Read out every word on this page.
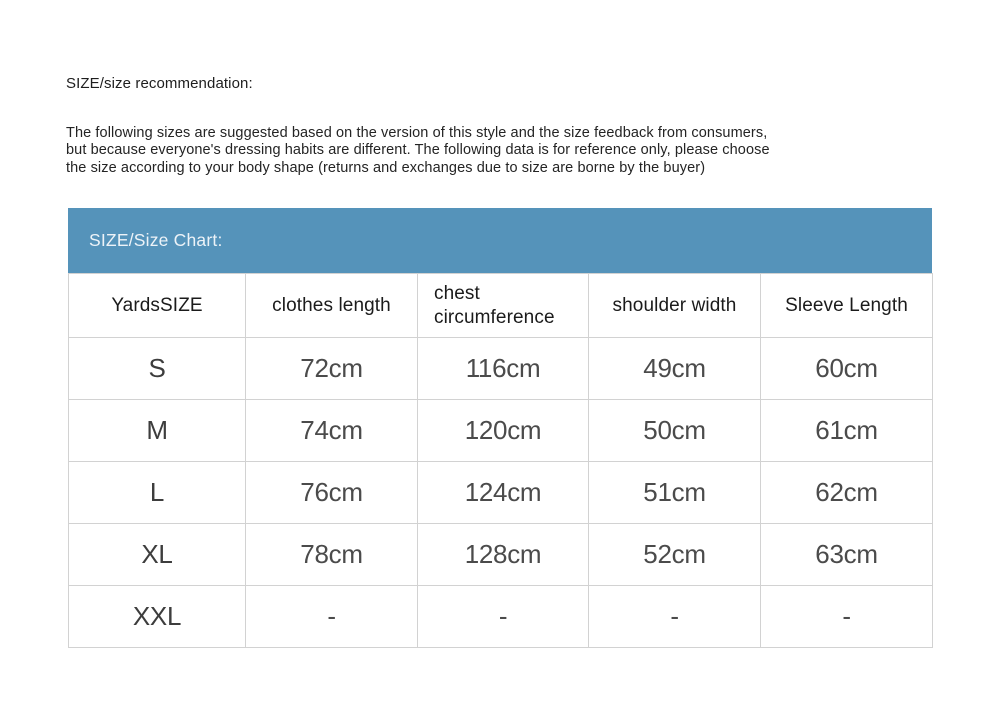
SIZE/size recommendation:
The following sizes are suggested based on the version of this style and the size feedback from consumers,
but because everyone's dressing habits are different. The following data is for reference only, please choose
the size according to your body shape (returns and exchanges due to size are borne by the buyer)
SIZE/Size Chart:
YardsSIZE	clothes length	chest circumference	shoulder width	Sleeve Length
S	72cm	116cm	49cm	60cm
M	74cm	120cm	50cm	61cm
L	76cm	124cm	51cm	62cm
XL	78cm	128cm	52cm	63cm
XXL	-	-	-	-
